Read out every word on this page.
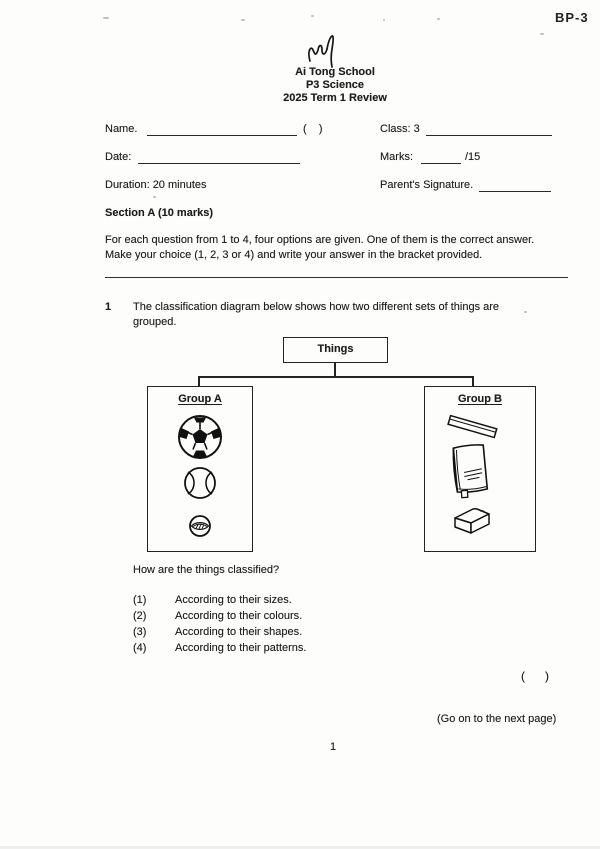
BP-3
Ai Tong School
P3 Science
2025 Term 1 Review
Name.	(    )	Class: 3
Date:	Marks:	/15
Duration: 20 minutes	Parent's Signature.
Section A (10 marks)
For each question from 1 to 4, four options are given. One of them is the correct answer.
Make your choice (1, 2, 3 or 4) and write your answer in the bracket provided.
1 The classification diagram below shows how two different sets of things are
grouped.
Things
Group A	Group B
How are the things classified?
(1)	According to their sizes.
(2)	According to their colours.
(3)	According to their shapes.
(4)	According to their patterns.
(      )
(Go on to the next page)
1
